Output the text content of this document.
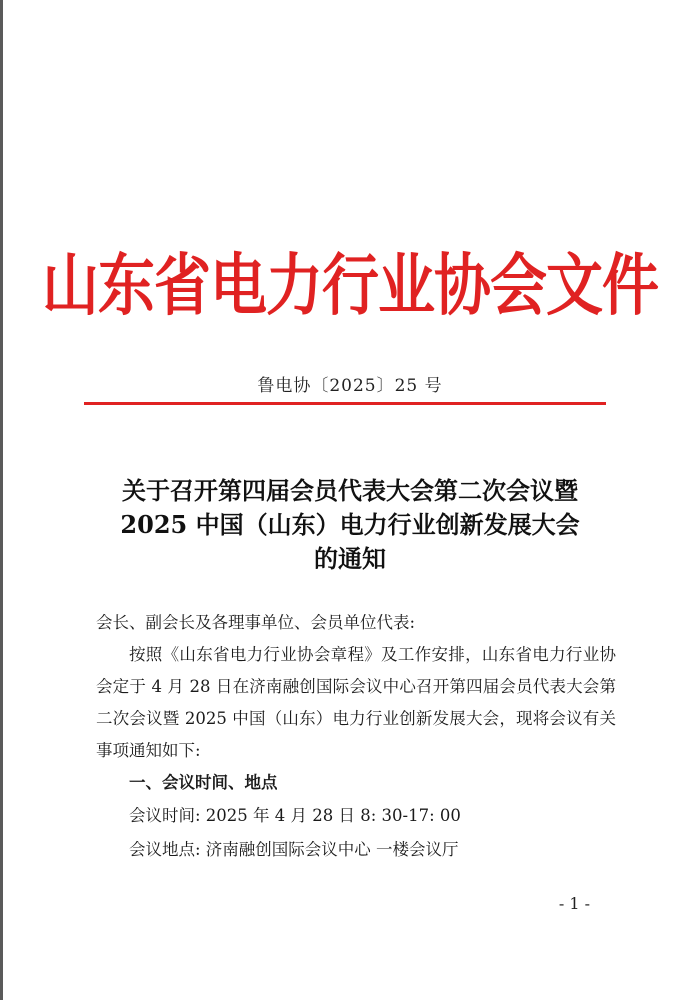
山东省电力行业协会文件
鲁电协〔2025〕25 号
关于召开第四届会员代表大会第二次会议暨
2025 中国（山东）电力行业创新发展大会
的通知
会长、副会长及各理事单位、会员单位代表:
按照《山东省电力行业协会章程》及工作安排，山东省电力行业协会定于 4 月 28 日在济南融创国际会议中心召开第四届会员代表大会第二次会议暨 2025 中国（山东）电力行业创新发展大会，现将会议有关事项通知如下:
一、会议时间、地点
会议时间: 2025 年 4 月 28 日 8: 30-17: 00
会议地点: 济南融创国际会议中心 一楼会议厅
- 1 -
